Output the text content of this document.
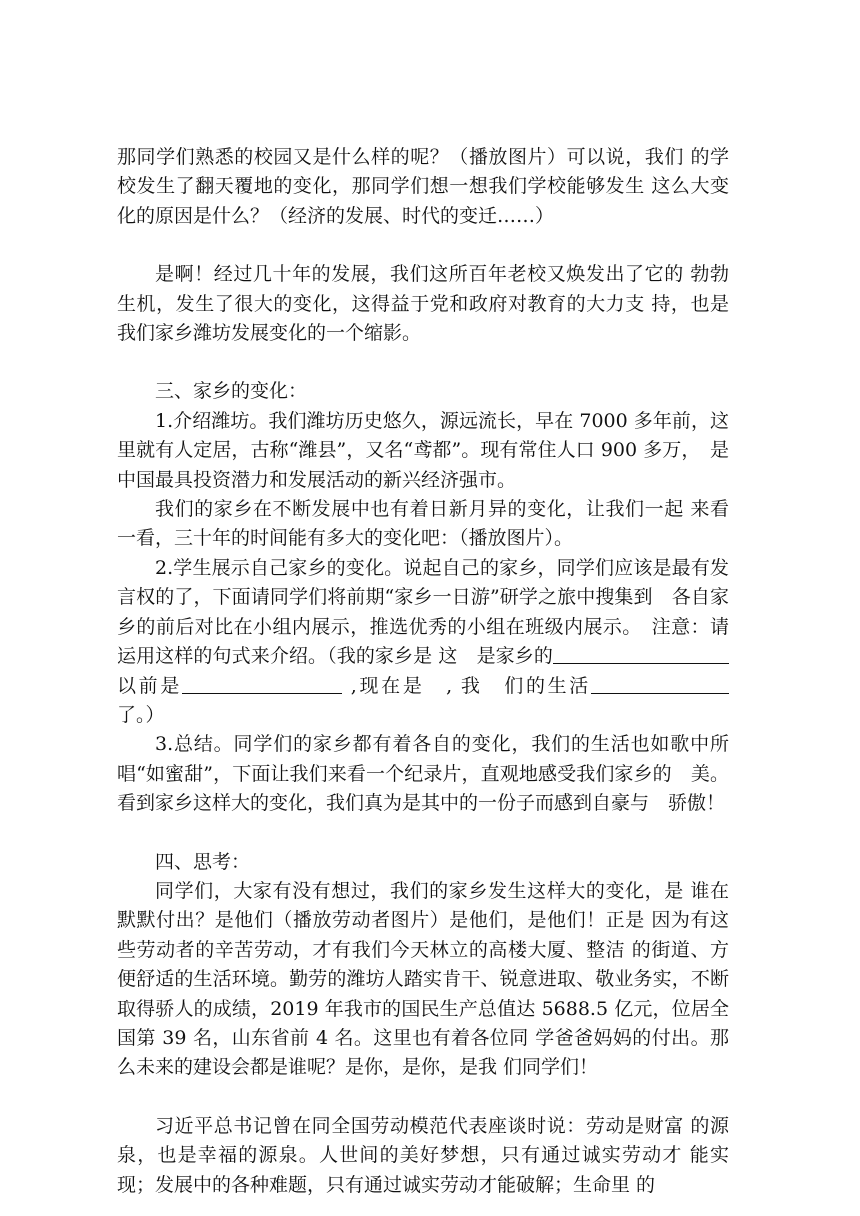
那同学们熟悉的校园又是什么样的呢？（播放图片）可以说，我们 的学校发生了翻天覆地的变化，那同学们想一想我们学校能够发生 这么大变化的原因是什么？（经济的发展、时代的变迁……）

是啊！经过几十年的发展，我们这所百年老校又焕发出了它的 勃勃生机，发生了很大的变化，这得益于党和政府对教育的大力支 持，也是我们家乡潍坊发展变化的一个缩影。

三、家乡的变化：

1.介绍潍坊。我们潍坊历史悠久，源远流长，早在 7000 多年前，这里就有人定居，古称“潍县”，又名“鸢都”。现有常住人口 900 多万，　是中国最具投资潜力和发展活动的新兴经济强市。

我们的家乡在不断发展中也有着日新月异的变化，让我们一起 来看一看，三十年的时间能有多大的变化吧：（播放图片）。

2.学生展示自己家乡的变化。说起自己的家乡，同学们应该是最有发言权的了，下面请同学们将前期“家乡一日游”研学之旅中搜集到　各自家乡的前后对比在小组内展示，推选优秀的小组在班级内展示。　注意：请运用这样的句式来介绍。（我的家乡是 这　是家乡的 以前是	,现在是　, 我　们的生活 了。）

3.总结。同学们的家乡都有着各自的变化，我们的生活也如歌中所唱“如蜜甜”，下面让我们来看一个纪录片，直观地感受我们家乡的　美。看到家乡这样大的变化，我们真为是其中的一份子而感到自豪与　骄傲！

四、思考：

同学们，大家有没有想过，我们的家乡发生这样大的变化，是 谁在默默付出？是他们（播放劳动者图片）是他们，是他们！正是 因为有这些劳动者的辛苦劳动，才有我们今天林立的高楼大厦、整洁 的街道、方便舒适的生活环境。勤劳的潍坊人踏实肯干、锐意进取、敬业务实，不断取得骄人的成绩，2019 年我市的国民生产总值达 5688.5 亿元，位居全国第 39 名，山东省前 4 名。这里也有着各位同 学爸爸妈妈的付出。那么未来的建设会都是谁呢？是你，是你，是我 们同学们！

习近平总书记曾在同全国劳动模范代表座谈时说：劳动是财富 的源泉，也是幸福的源泉。人世间的美好梦想，只有通过诚实劳动才 能实现；发展中的各种难题，只有通过诚实劳动才能破解；生命里 的
